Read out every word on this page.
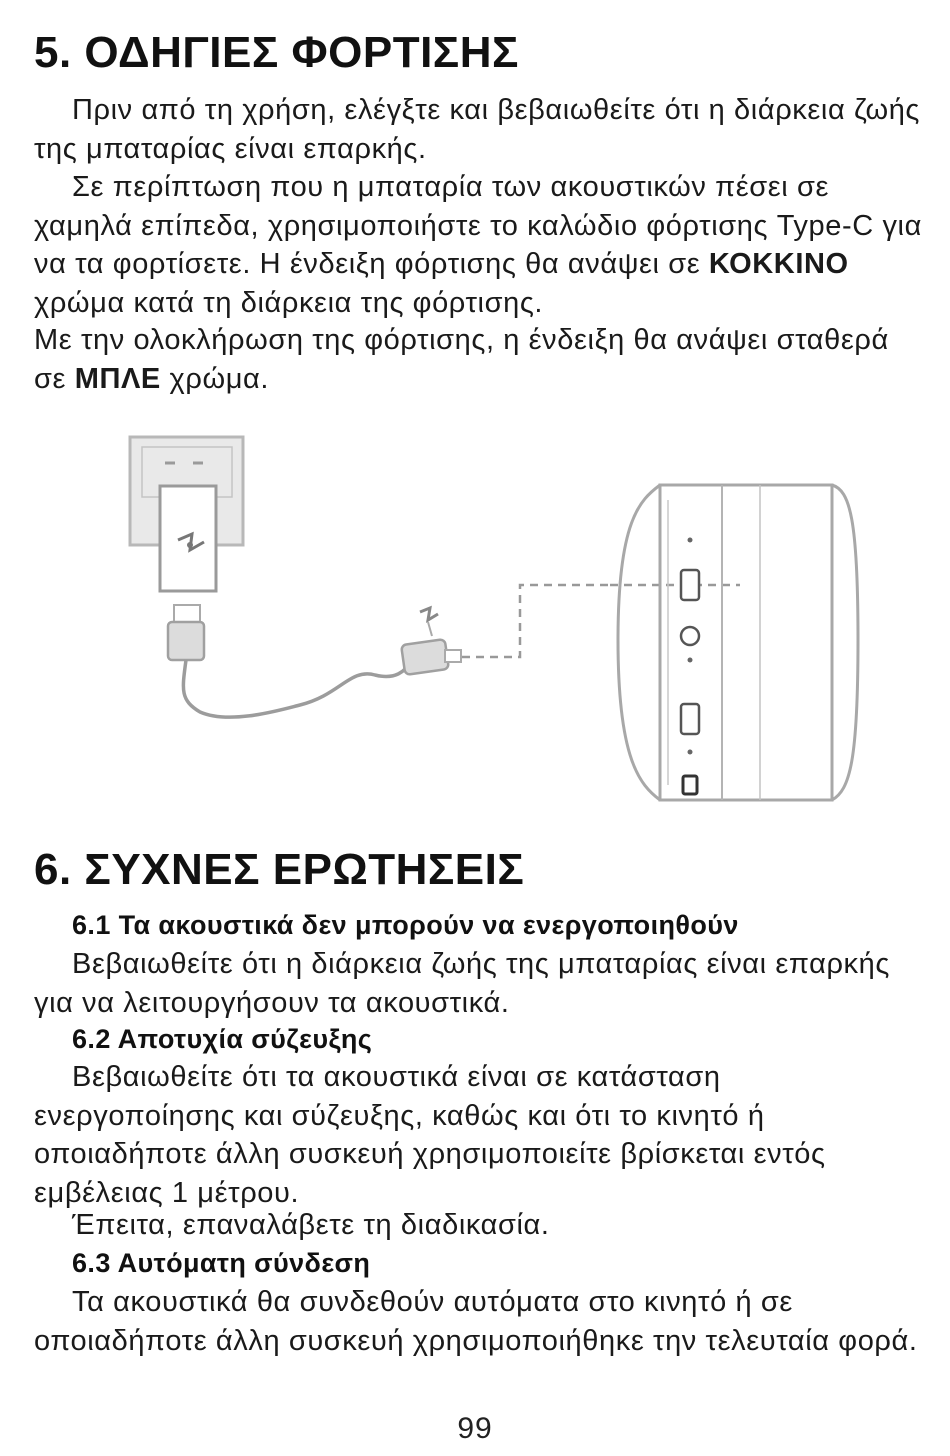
5. ΟΔΗΓΙΕΣ ΦΟΡΤΙΣΗΣ

Πριν από τη χρήση, ελέγξτε και βεβαιωθείτε ότι η διάρκεια ζωής της μπαταρίας είναι επαρκής.

Σε περίπτωση που η μπαταρία των ακουστικών πέσει σε χαμηλά επίπεδα, χρησιμοποιήστε το καλώδιο φόρτισης Type-C για να τα φορτίσετε. Η ένδειξη φόρτισης θα ανάψει σε ΚΟΚΚΙΝΟ χρώμα κατά τη διάρκεια της φόρτισης.

Με την ολοκλήρωση της φόρτισης, η ένδειξη θα ανάψει σταθερά σε ΜΠΛΕ χρώμα.

6. ΣΥΧΝΕΣ ΕΡΩΤΗΣΕΙΣ
6.1 Τα ακουστικά δεν μπορούν να ενεργοποιηθούν

Βεβαιωθείτε ότι η διάρκεια ζωής της μπαταρίας είναι επαρκής για να λειτουργήσουν τα ακουστικά.

6.2 Αποτυχία σύζευξης

Βεβαιωθείτε ότι τα ακουστικά είναι σε κατάσταση ενεργοποίησης και σύζευξης, καθώς και ότι το κινητό ή οποιαδήποτε άλλη συσκευή χρησιμοποιείτε βρίσκεται εντός εμβέλειας 1 μέτρου.

Έπειτα, επαναλάβετε τη διαδικασία.

6.3 Αυτόματη σύνδεση

Τα ακουστικά θα συνδεθούν αυτόματα στο κινητό ή σε οποιαδήποτε άλλη συσκευή χρησιμοποιήθηκε την τελευταία φορά.

99
